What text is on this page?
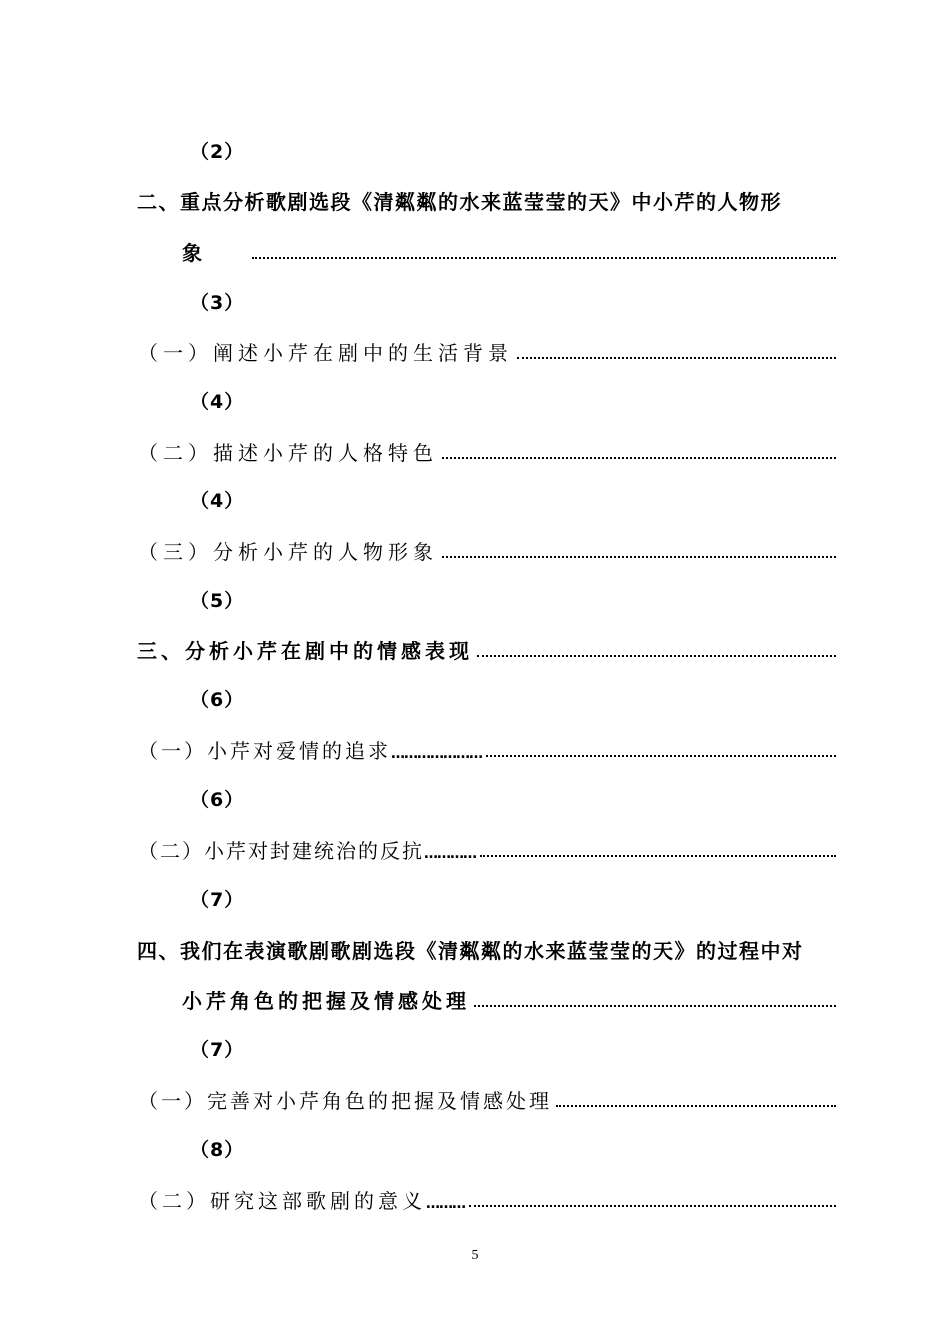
（2）
二、重点分析歌剧选段《清粼粼的水来蓝莹莹的天》中小芹的人物形
象
（3）
（一）阐述小芹在剧中的生活背景
（4）
（二）描述小芹的人格特色
（4）
（三）分析小芹的人物形象
（5）
三、分析小芹在剧中的情感表现
（6）
（一）小芹对爱情的追求 …………………
（6）
（二）小芹对封建统治的反抗 …………
（7）
四、我们在表演歌剧歌剧选段《清粼粼的水来蓝莹莹的天》的过程中对
小芹角色的把握及情感处理
（7）
（一）完善对小芹角色的把握及情感处理
（8）
（二）研究这部歌剧的意义 ………
5
